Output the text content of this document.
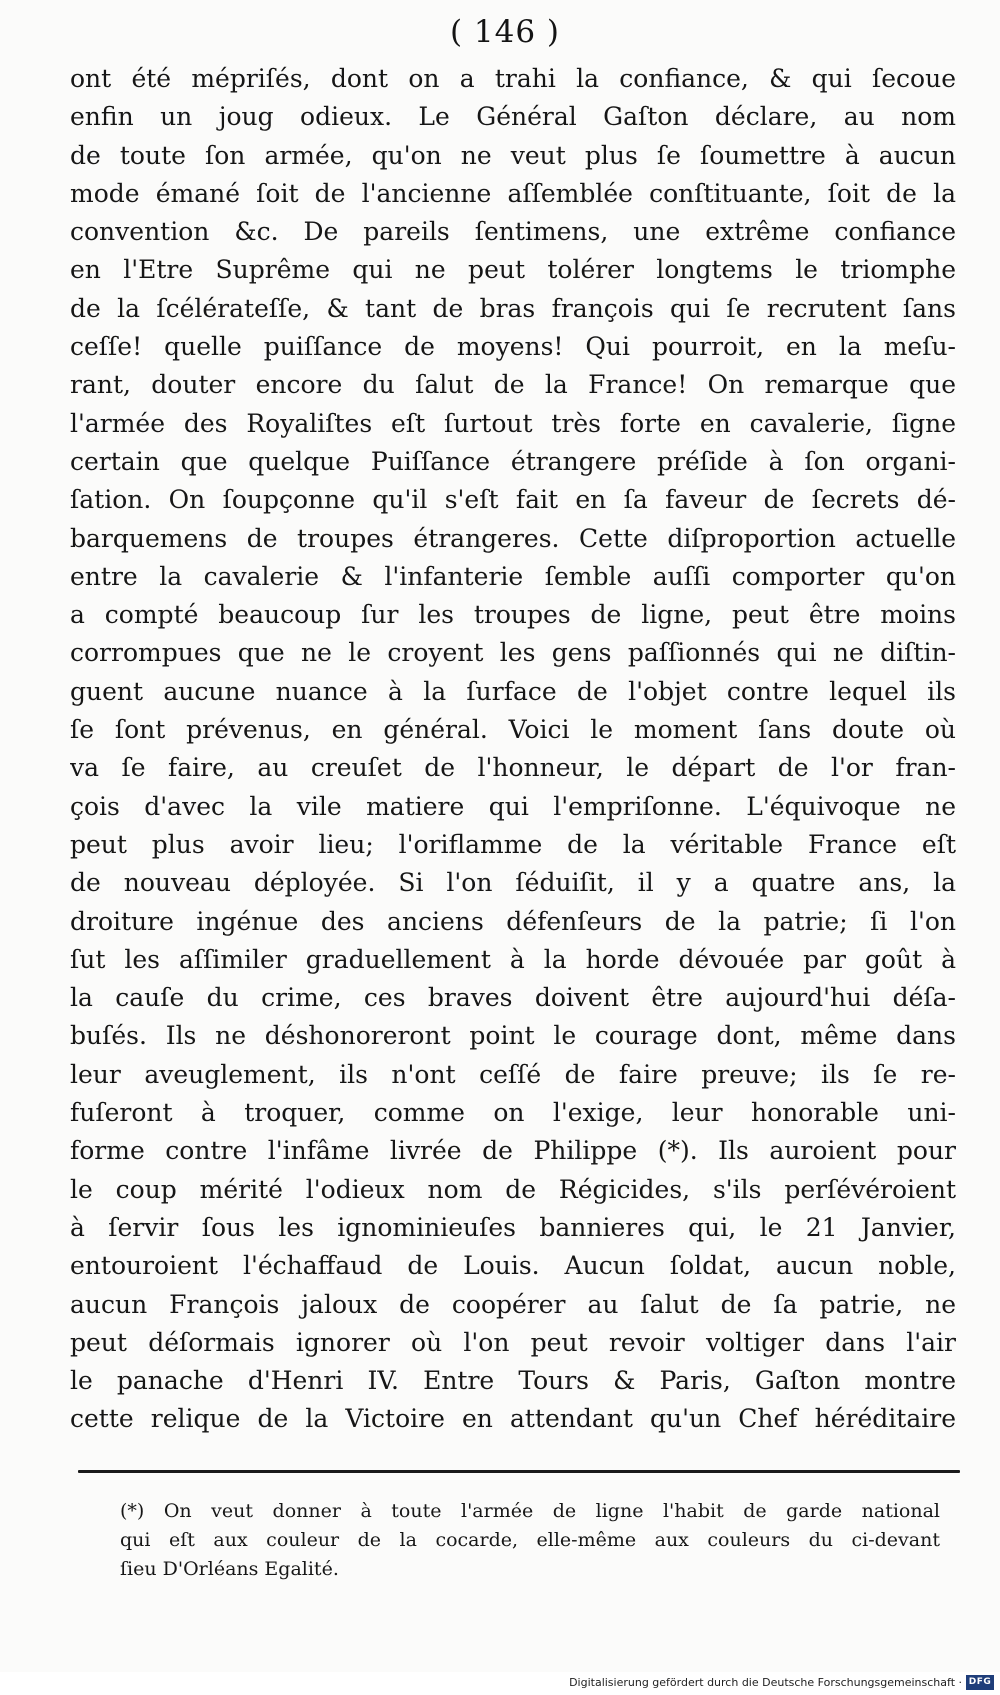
( 146 )
ont été mépriſés, dont on a trahi la confiance, & qui ſecoue
enfin un joug odieux. Le Général Gaſton déclare, au nom
de toute ſon armée, qu'on ne veut plus ſe ſoumettre à aucun
mode émané ſoit de l'ancienne aſſemblée conſtituante, ſoit de la
convention &c. De pareils ſentimens, une extrême confiance
en l'Etre Suprême qui ne peut tolérer longtems le triomphe
de la ſcélérateſſe, & tant de bras françois qui ſe recrutent ſans
ceſſe! quelle puiſſance de moyens! Qui pourroit, en la meſu-
rant, douter encore du ſalut de la France! On remarque que
l'armée des Royaliſtes eſt ſurtout très forte en cavalerie, ſigne
certain que quelque Puiſſance étrangere préſide à ſon organi-
ſation. On ſoupçonne qu'il s'eſt fait en ſa faveur de ſecrets dé-
barquemens de troupes étrangeres. Cette diſproportion actuelle
entre la cavalerie & l'infanterie ſemble auſſi comporter qu'on
a compté beaucoup ſur les troupes de ligne, peut être moins
corrompues que ne le croyent les gens paſſionnés qui ne diſtin-
guent aucune nuance à la ſurface de l'objet contre lequel ils
ſe ſont prévenus, en général. Voici le moment ſans doute où
va ſe faire, au creuſet de l'honneur, le départ de l'or fran-
çois d'avec la vile matiere qui l'empriſonne. L'équivoque ne
peut plus avoir lieu; l'oriflamme de la véritable France eſt
de nouveau déployée. Si l'on ſéduiſit, il y a quatre ans, la
droiture ingénue des anciens défenſeurs de la patrie; ſi l'on
ſut les aſſimiler graduellement à la horde dévouée par goût à
la cauſe du crime, ces braves doivent être aujourd'hui déſa-
buſés. Ils ne déshonoreront point le courage dont, même dans
leur aveuglement, ils n'ont ceſſé de faire preuve; ils ſe re-
fuſeront à troquer, comme on l'exige, leur honorable uni-
forme contre l'infâme livrée de Philippe (*). Ils auroient pour
le coup mérité l'odieux nom de Régicides, s'ils perſévéroient
à ſervir ſous les ignominieuſes bannieres qui, le 21 Janvier,
entouroient l'échaffaud de Louis. Aucun ſoldat, aucun noble,
aucun François jaloux de coopérer au ſalut de ſa patrie, ne
peut déſormais ignorer où l'on peut revoir voltiger dans l'air
le panache d'Henri IV. Entre Tours & Paris, Gaſton montre
cette relique de la Victoire en attendant qu'un Chef héréditaire
(*) On veut donner à toute l'armée de ligne l'habit de garde national
qui eſt aux couleur de la cocarde, elle-même aux couleurs du ci-devant
ſieu D'Orléans Egalité.
Digitalisierung gefördert durch die Deutsche Forschungsgemeinschaft · DFG
